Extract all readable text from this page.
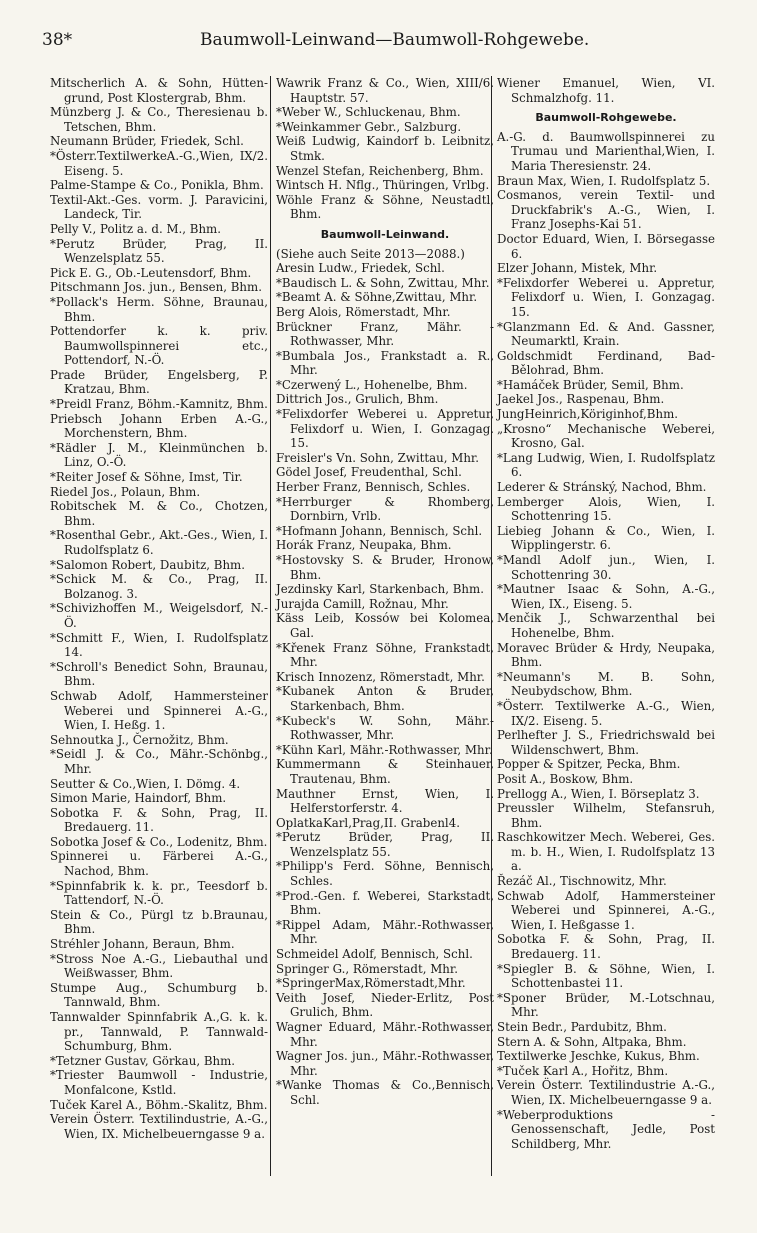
38*	Baumwoll-Leinwand—Baumwoll-Rohgewebe.

Mitscherlich A. & Sohn, Hütten-grund, Post Klostergrab, Bhm.

Münzberg J. & Co., Theresienau b. Tetschen, Bhm.

Neumann Brüder, Friedek, Schl.

*Österr.TextilwerkeA.-G.,Wien, IX/2. Eiseng. 5.

Palme-Stampe & Co., Ponikla, Bhm.

Textil-Akt.-Ges. vorm. J. Paravicini, Landeck, Tir.

Pelly V., Politz a. d. M., Bhm.

*Perutz Brüder, Prag, II. Wenzelsplatz 55.

Pick E. G., Ob.-Leutensdorf, Bhm.

Pitschmann Jos. jun., Bensen, Bhm.

*Pollack's Herm. Söhne, Braunau, Bhm.

Pottendorfer k. k. priv. Baumwollspinnerei etc., Pottendorf, N.-Ö.

Prade Brüder, Engelsberg, P. Kratzau, Bhm.

*Preidl Franz, Böhm.-Kamnitz, Bhm.

Priebsch Johann Erben A.-G., Morchenstern, Bhm.

*Rädler J. M., Kleinmünchen b. Linz, O.-Ö.

*Reiter Josef & Söhne, Imst, Tir.

Riedel Jos., Polaun, Bhm.

Robitschek M. & Co., Chotzen, Bhm.

*Rosenthal Gebr., Akt.-Ges., Wien, I. Rudolfsplatz 6.

*Salomon Robert, Daubitz, Bhm.

*Schick M. & Co., Prag, II. Bolzanog. 3.

*Schivizhoffen M., Weigelsdorf, N.-Ö.

*Schmitt F., Wien, I. Rudolfsplatz 14.

*Schroll's Benedict Sohn, Braunau, Bhm.

Schwab Adolf, Hammersteiner Weberei und Spinnerei A.-G., Wien, I. Heßg. 1.

Sehnoutka J., Černožitz, Bhm.

*Seidl J. & Co., Mähr.-Schönbg., Mhr.

Seutter & Co.,Wien, I. Dömg. 4.

Simon Marie, Haindorf, Bhm.

Sobotka F. & Sohn, Prag, II. Bredauerg. 11.

Sobotka Josef & Co., Lodenitz, Bhm.

Spinnerei u. Färberei A.-G., Nachod, Bhm.

*Spinnfabrik k. k. pr., Teesdorf b. Tattendorf, N.-Ö.

Stein & Co., Pürgl tz b.Braunau, Bhm.

Stréhler Johann, Beraun, Bhm.

*Stross Noe A.-G., Liebauthal und Weißwasser, Bhm.

Stumpe Aug., Schumburg b. Tannwald, Bhm.

Tannwalder Spinnfabrik A.,G. k. k. pr., Tannwald, P. Tannwald-Schumburg, Bhm.

*Tetzner Gustav, Görkau, Bhm.

*Triester Baumwoll - Industrie, Monfalcone, Kstld.

Tuček Karel A., Böhm.-Skalitz, Bhm.

Verein Österr. Textilindustrie, A.-G., Wien, IX. Michelbeuerngasse 9 a.

Wawrik Franz & Co., Wien, XIII/6. Hauptstr. 57.

*Weber W., Schluckenau, Bhm.

*Weinkammer Gebr., Salzburg.

Weiß Ludwig, Kaindorf b. Leibnitz, Stmk.

Wenzel Stefan, Reichenberg, Bhm.

Wintsch H. Nflg., Thüringen, Vrlbg.

Wöhle Franz & Söhne, Neustadtl, Bhm.

Baumwoll-Leinwand.

(Siehe auch Seite 2013—2088.)

Aresin Ludw., Friedek, Schl.

*Baudisch L. & Sohn, Zwittau, Mhr.

*Beamt A. & Söhne,Zwittau, Mhr.

Berg Alois, Römerstadt, Mhr.

Brückner Franz, Mähr. - Rothwasser, Mhr.

*Bumbala Jos., Frankstadt a. R., Mhr.

*Czerwený L., Hohenelbe, Bhm.

Dittrich Jos., Grulich, Bhm.

*Felixdorfer Weberei u. Appretur, Felixdorf u. Wien, I. Gonzagag. 15.

Freisler's Vn. Sohn, Zwittau, Mhr.

Gödel Josef, Freudenthal, Schl.

Herber Franz, Bennisch, Schles.

*Herrburger & Rhomberg, Dornbirn, Vrlb.

*Hofmann Johann, Bennisch, Schl.

Horák Franz, Neupaka, Bhm.

*Hostovsky S. & Bruder, Hronow, Bhm.

Jezdinsky Karl, Starkenbach, Bhm.

Jurajda Camill, Rožnau, Mhr.

Käss Leib, Kossów bei Kolomea, Gal.

*Křenek Franz Söhne, Frankstadt, Mhr.

Krisch Innozenz, Römerstadt, Mhr.

*Kubanek Anton & Bruder, Starkenbach, Bhm.

*Kubeck's W. Sohn, Mähr.-Rothwasser, Mhr.

*Kühn Karl, Mähr.-Rothwasser, Mhr.

Kummermann & Steinhauer, Trautenau, Bhm.

Mauthner Ernst, Wien, I. Helferstorferstr. 4.

OplatkaKarl,Prag,II. Grabenl4.

*Perutz Brüder, Prag, II. Wenzelsplatz 55.

*Philipp's Ferd. Söhne, Bennisch, Schles.

*Prod.-Gen. f. Weberei, Starkstadt, Bhm.

*Rippel Adam, Mähr.-Rothwasser, Mhr.

Schmeidel Adolf, Bennisch, Schl.

Springer G., Römerstadt, Mhr.

*SpringerMax,Römerstadt,Mhr.

Veith Josef, Nieder-Erlitz, Post Grulich, Bhm.

Wagner Eduard, Mähr.-Rothwasser, Mhr.

Wagner Jos. jun., Mähr.-Rothwasser, Mhr.

*Wanke Thomas & Co.,Bennisch, Schl.

Wiener Emanuel, Wien, VI. Schmalzhofg. 11.

Baumwoll-Rohgewebe.

A.-G. d. Baumwollspinnerei zu Trumau und Marienthal,Wien, I. Maria Theresienstr. 24.

Braun Max, Wien, I. Rudolfsplatz 5.

Cosmanos, verein Textil- und Druckfabrik's A.-G., Wien, I. Franz Josephs-Kai 51.

Doctor Eduard, Wien, I. Börsegasse 6.

Elzer Johann, Mistek, Mhr.

*Felixdorfer Weberei u. Appretur, Felixdorf u. Wien, I. Gonzagag. 15.

*Glanzmann Ed. & And. Gassner, Neumarktl, Krain.

Goldschmidt Ferdinand, Bad-Bělohrad, Bhm.

*Hamáček Brüder, Semil, Bhm.

Jaekel Jos., Raspenau, Bhm.

JungHeinrich,Köriginhof,Bhm.

„Krosno“ Mechanische Weberei, Krosno, Gal.

*Lang Ludwig, Wien, I. Rudolfsplatz 6.

Lederer & Stránský, Nachod, Bhm.

Lemberger Alois, Wien, I. Schottenring 15.

Liebieg Johann & Co., Wien, I. Wipplingerstr. 6.

*Mandl Adolf jun., Wien, I. Schottenring 30.

*Mautner Isaac & Sohn, A.-G., Wien, IX., Eiseng. 5.

Menčik J., Schwarzenthal bei Hohenelbe, Bhm.

Moravec Brüder & Hrdy, Neupaka, Bhm.

*Neumann's M. B. Sohn, Neubydschow, Bhm.

*Österr. Textilwerke A.-G., Wien, IX/2. Eiseng. 5.

Perlhefter J. S., Friedrichswald bei Wildenschwert, Bhm.

Popper & Spitzer, Pecka, Bhm.

Posit A., Boskow, Bhm.

Prellogg A., Wien, I. Börseplatz 3.

Preussler Wilhelm, Stefansruh, Bhm.

Raschkowitzer Mech. Weberei, Ges. m. b. H., Wien, I. Rudolfsplatz 13 a.

Řezáč Al., Tischnowitz, Mhr.

Schwab Adolf, Hammersteiner Weberei und Spinnerei, A.-G., Wien, I. Heßgasse 1.

Sobotka F. & Sohn, Prag, II. Bredauerg. 11.

*Spiegler B. & Söhne, Wien, I. Schottenbastei 11.

*Sponer Brüder, M.-Lotschnau, Mhr.

Stein Bedr., Pardubitz, Bhm.

Stern A. & Sohn, Altpaka, Bhm.

Textilwerke Jeschke, Kukus, Bhm.

*Tuček Karl A., Hořitz, Bhm.

Verein Österr. Textilindustrie A.-G., Wien, IX. Michelbeuerngasse 9 a.

*Weberproduktions - Genossenschaft, Jedle, Post Schildberg, Mhr.
